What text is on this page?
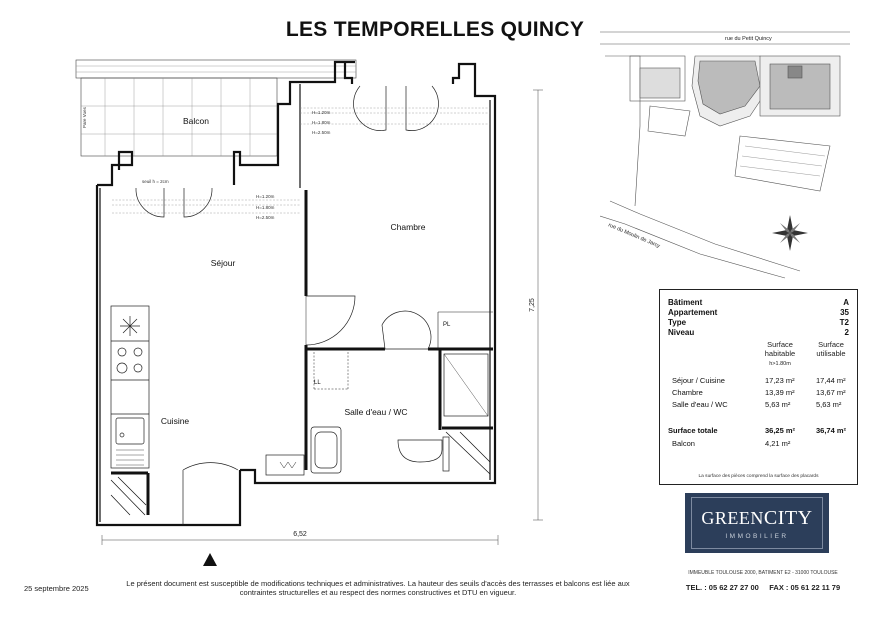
LES TEMPORELLES QUINCY
Balcon
Séjour
Chambre
Cuisine
Salle d'eau / WC
PL
LL
seuil h = 2cm
H=1.20m
H=1.80m
H=2.50m
H=1.20m
H=1.80m
H=2.50m
Pare Vues
6,52
7,25
rue du Petit Quincy
rue du Moulin de Jarcy
Bâtiment	A
Appartement	35
Type	T2
Niveau	2
Surface habitable
h>1.80m
Surface utilisable
Séjour / Cuisine	17,23 m²	17,44 m²
Chambre	13,39 m²	13,67 m²
Salle d'eau / WC	5,63 m²	5,63 m²
Surface totale	36,25 m²	36,74 m²
Balcon	4,21 m²
La surface des pièces comprend la surface des placards
GREENCITY
IMMOBILIER
IMMEUBLE TOULOUSE 2000, BATIMENT E2 - 31000 TOULOUSE
TEL. : 05 62 27 27 00 FAX : 05 61 22 11 79
25 septembre 2025
Le présent document est susceptible de modifications techniques et administratives. La hauteur des seuils d'accès des terrasses et balcons est liée aux contraintes structurelles et au respect des normes constructives et DTU en vigueur.
